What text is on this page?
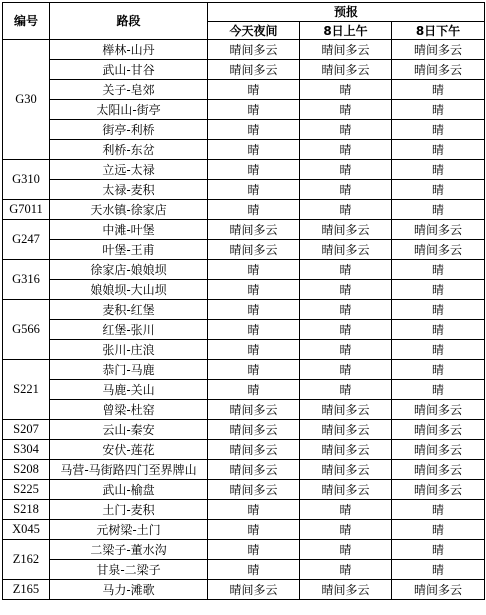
编号	路段	预报		
		今天夜间	8日上午	8日下午
G30	榉林-山丹	晴间多云	晴间多云	晴间多云
	武山-甘谷	晴间多云	晴间多云	晴间多云
	关子-皂郊	晴	晴	晴
	太阳山-街亭	晴	晴	晴
	街亭-利桥	晴	晴	晴
	利桥-东岔	晴	晴	晴
G310	立远-太禄	晴	晴	晴
	太禄-麦积	晴	晴	晴
G7011	天水镇-徐家店	晴	晴	晴
G247	中滩-叶堡	晴间多云	晴间多云	晴间多云
	叶堡-王甫	晴间多云	晴间多云	晴间多云
G316	徐家店-娘娘坝	晴	晴	晴
	娘娘坝-大山坝	晴	晴	晴
G566	麦积-红堡	晴	晴	晴
	红堡-张川	晴	晴	晴
	张川-庄浪	晴	晴	晴
S221	恭门-马鹿	晴	晴	晴
	马鹿-关山	晴	晴	晴
	曾梁-杜窑	晴间多云	晴间多云	晴间多云
S207	云山-秦安	晴间多云	晴间多云	晴间多云
S304	安伏-莲花	晴间多云	晴间多云	晴间多云
S208	马营-马街路四门至界牌山	晴间多云	晴间多云	晴间多云
S225	武山-榆盘	晴间多云	晴间多云	晴间多云
S218	土门-麦积	晴	晴	晴
X045	元树梁-土门	晴	晴	晴
Z162	二梁子-董水沟	晴	晴	晴
	甘泉-二梁子	晴	晴	晴
Z165	马力-滩歌	晴间多云	晴间多云	晴间多云
